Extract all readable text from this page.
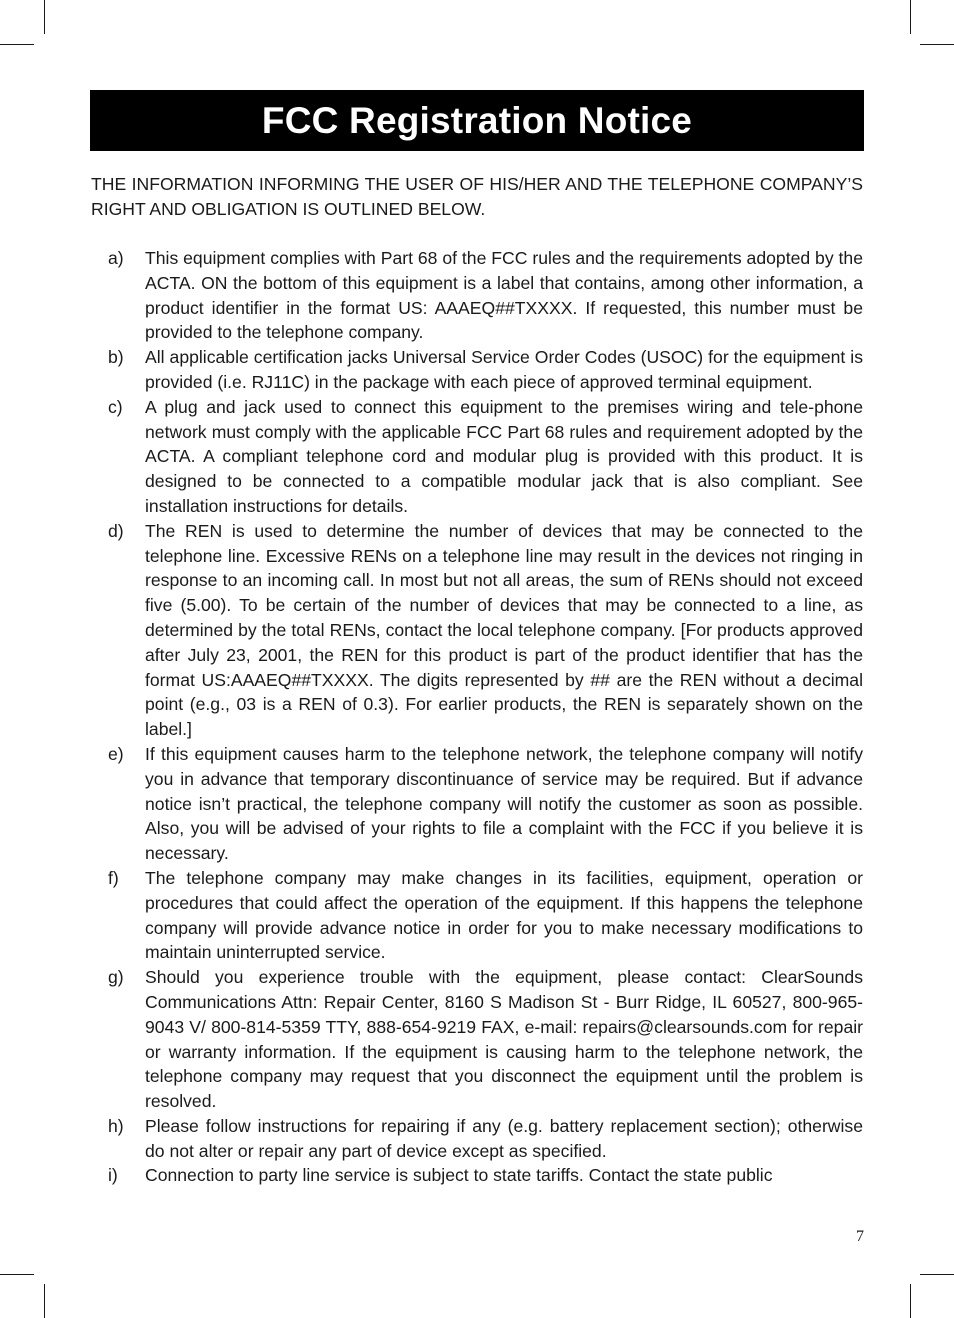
FCC Registration Notice

THE INFORMATION INFORMING THE USER OF HIS/HER AND THE TELEPHONE COMPANY’S RIGHT AND OBLIGATION IS OUTLINED BELOW.

a) This equipment complies with Part 68 of the FCC rules and the requirements adopted by the ACTA. ON the bottom of this equipment is a label that contains, among other information, a product identifier in the format US: AAAEQ##TXXXX. If requested, this number must be provided to the telephone company.
b) All applicable certification jacks Universal Service Order Codes (USOC) for the equipment is provided (i.e. RJ11C) in the package with each piece of approved terminal equipment.
c) A plug and jack used to connect this equipment to the premises wiring and tele-phone network must comply with the applicable FCC Part 68 rules and requirement adopted by the ACTA. A compliant telephone cord and modular plug is provided with this product. It is designed to be connected to a compatible modular jack that is also compliant. See installation instructions for details.
d) The REN is used to determine the number of devices that may be connected to the telephone line. Excessive RENs on a telephone line may result in the devices not ringing in response to an incoming call. In most but not all areas, the sum of RENs should not exceed five (5.00). To be certain of the number of devices that may be connected to a line, as determined by the total RENs, contact the local telephone company. [For products approved after July 23, 2001, the REN for this product is part of the product identifier that has the format US:AAAEQ##TXXXX. The digits represented by ## are the REN without a decimal point (e.g., 03 is a REN of 0.3). For earlier products, the REN is separately shown on the label.]
e) If this equipment causes harm to the telephone network, the telephone company will notify you in advance that temporary discontinuance of service may be required. But if advance notice isn’t practical, the telephone company will notify the customer as soon as possible. Also, you will be advised of your rights to file a complaint with the FCC if you believe it is necessary.
f) The telephone company may make changes in its facilities, equipment, operation or procedures that could affect the operation of the equipment. If this happens the telephone company will provide advance notice in order for you to make necessary modifications to maintain uninterrupted service.
g) Should you experience trouble with the equipment, please contact: ClearSounds Communications Attn: Repair Center, 8160 S Madison St - Burr Ridge, IL 60527, 800-965-9043 V/ 800-814-5359 TTY, 888-654-9219 FAX, e-mail: repairs@clearsounds.com for repair or warranty information. If the equipment is causing harm to the telephone network, the telephone company may request that you disconnect the equipment until the problem is resolved.
h) Please follow instructions for repairing if any (e.g. battery replacement section); otherwise do not alter or repair any part of device except as specified.
i) Connection to party line service is subject to state tariffs. Contact the state public
7
